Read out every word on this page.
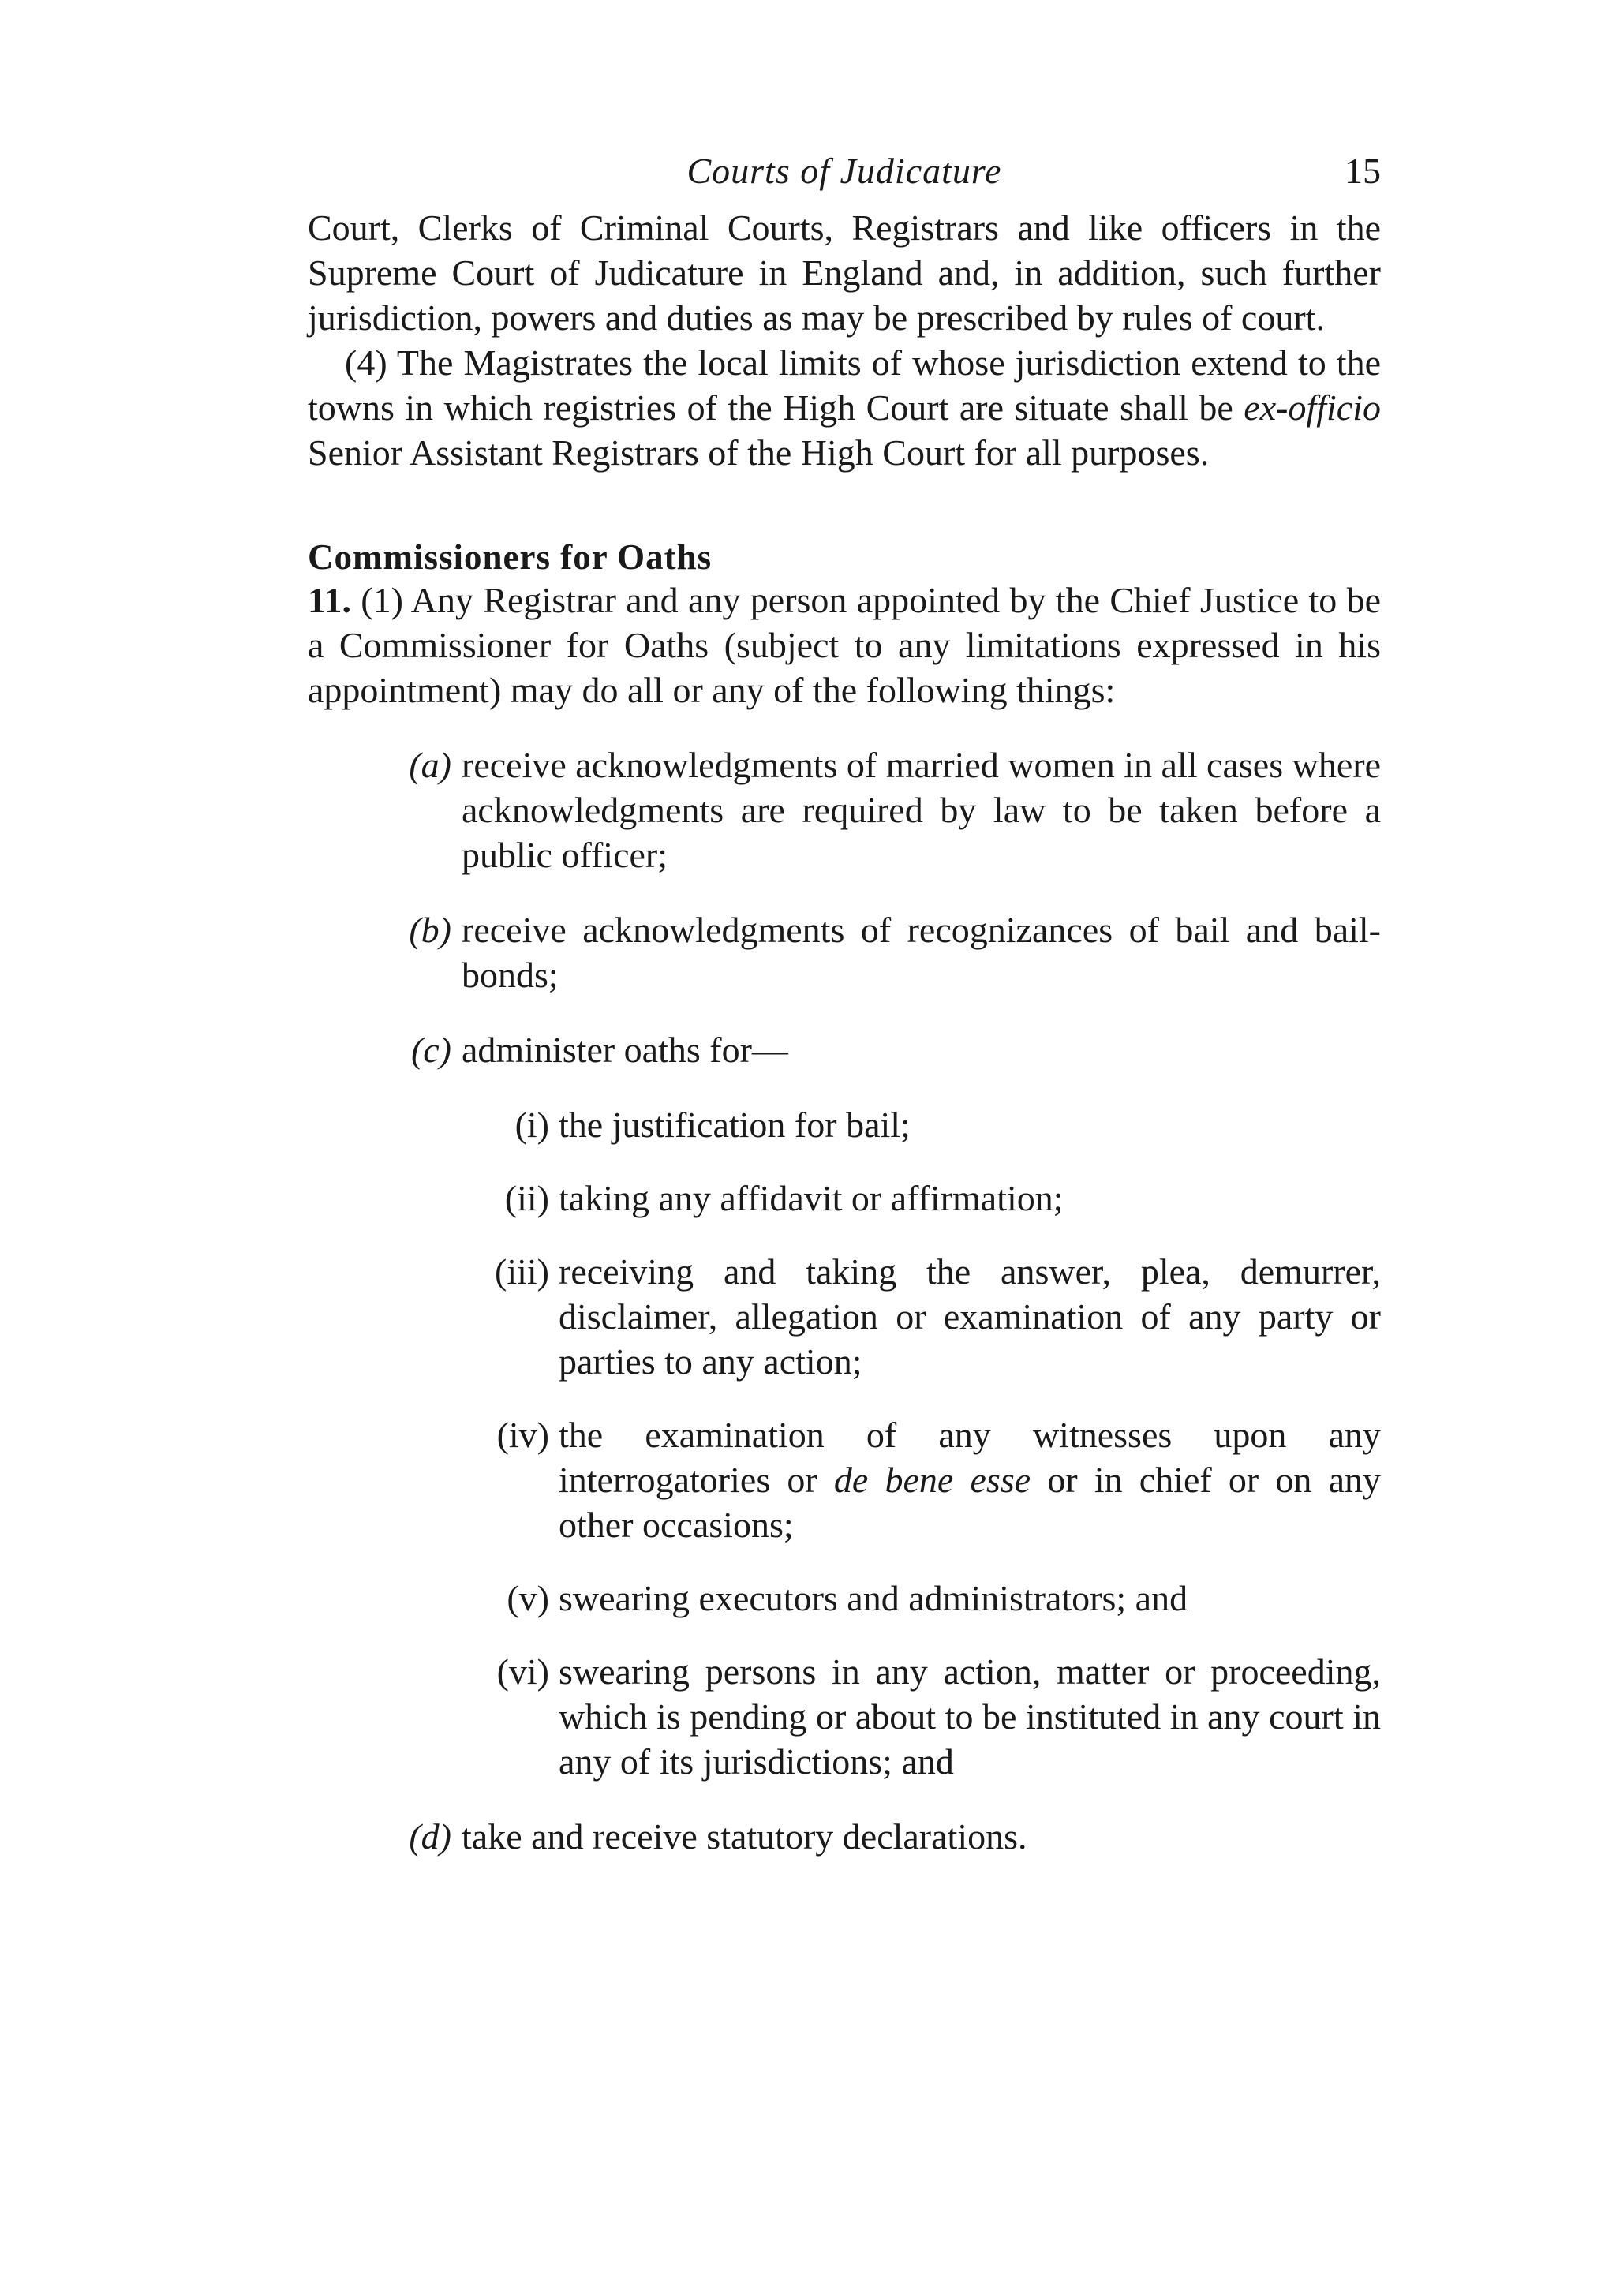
Courts of Judicature	15

Court, Clerks of Criminal Courts, Registrars and like officers in the Supreme Court of Judicature in England and, in addition, such further jurisdiction, powers and duties as may be prescribed by rules of court.

(4) The Magistrates the local limits of whose jurisdiction extend to the towns in which registries of the High Court are situate shall be ex-officio Senior Assistant Registrars of the High Court for all purposes.

Commissioners for Oaths

11. (1) Any Registrar and any person appointed by the Chief Justice to be a Commissioner for Oaths (subject to any limitations expressed in his appointment) may do all or any of the following things:

(a) receive acknowledgments of married women in all cases where acknowledgments are required by law to be taken before a public officer;
(b) receive acknowledgments of recognizances of bail and bail-bonds;
(c) administer oaths for—
(i) the justification for bail;
(ii) taking any affidavit or affirmation;
(iii) receiving and taking the answer, plea, demurrer, disclaimer, allegation or examination of any party or parties to any action;
(iv) the examination of any witnesses upon any interrogatories or de bene esse or in chief or on any other occasions;
(v) swearing executors and administrators; and
(vi) swearing persons in any action, matter or proceeding, which is pending or about to be instituted in any court in any of its jurisdictions; and
(d) take and receive statutory declarations.
